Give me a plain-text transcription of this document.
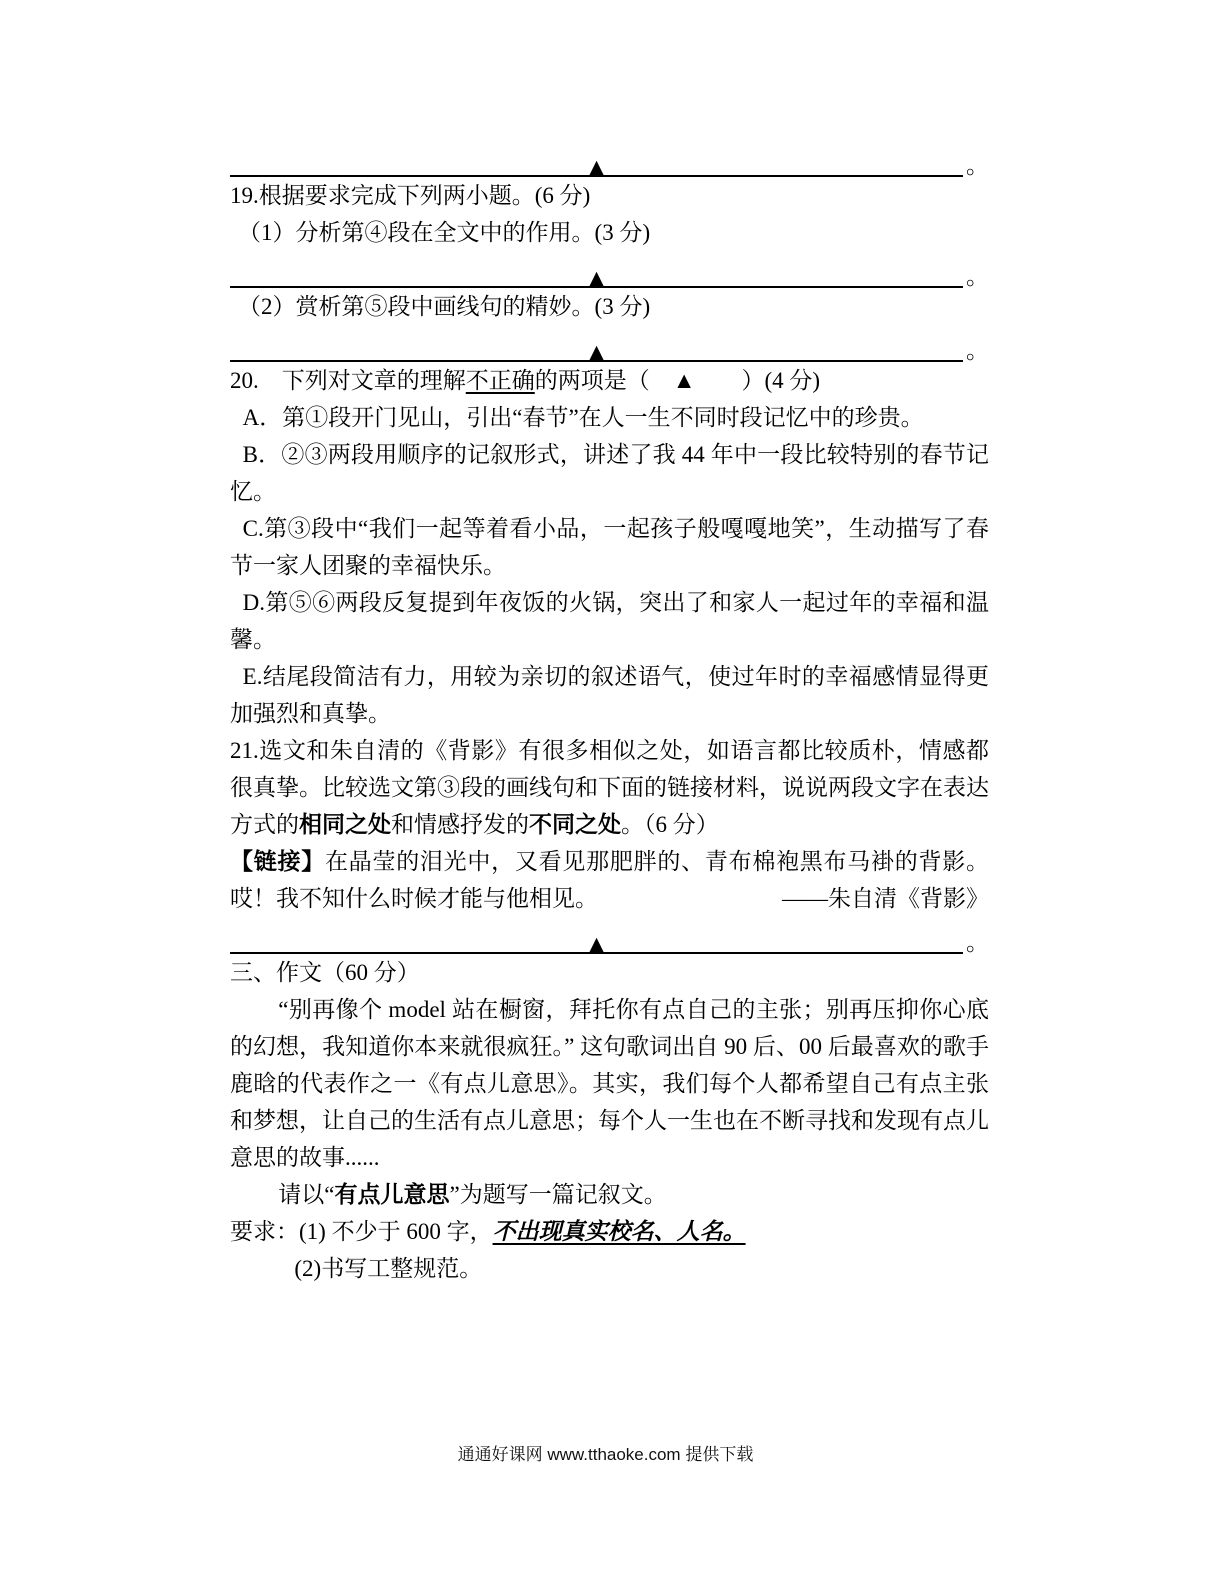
▲	。

19.根据要求完成下列两小题。(6 分)

（1）分析第④段在全文中的作用。(3 分)

▲	。

（2）赏析第⑤段中画线句的精妙。(3 分)

▲	。

20.　下列对文章的理解不正确的两项是（　▲　　）(4 分)

A．第①段开门见山，引出“春节”在人一生不同时段记忆中的珍贵。

B．②③两段用顺序的记叙形式，讲述了我 44 年中一段比较特别的春节记忆。

C.第③段中“我们一起等着看小品，一起孩子般嘎嘎地笑”，生动描写了春节一家人团聚的幸福快乐。

D.第⑤⑥两段反复提到年夜饭的火锅，突出了和家人一起过年的幸福和温馨。

E.结尾段简洁有力，用较为亲切的叙述语气，使过年时的幸福感情显得更加强烈和真挚。

21.选文和朱自清的《背影》有很多相似之处，如语言都比较质朴，情感都很真挚。比较选文第③段的画线句和下面的链接材料，说说两段文字在表达方式的相同之处和情感抒发的不同之处。（6 分）

【链接】在晶莹的泪光中，又看见那肥胖的、青布棉袍黑布马褂的背影。哎！我不知什么时候才能与他相见。	——朱自清《背影》

▲	。

三、作文（60 分）

“别再像个 model 站在橱窗，拜托你有点自己的主张；别再压抑你心底的幻想，我知道你本来就很疯狂。” 这句歌词出自 90 后、00 后最喜欢的歌手鹿晗的代表作之一《有点儿意思》。其实，我们每个人都希望自己有点主张和梦想，让自己的生活有点儿意思；每个人一生也在不断寻找和发现有点儿意思的故事......

请以“有点儿意思”为题写一篇记叙文。

要求：(1) 不少于 600 字，不出现真实校名、人名。

(2)书写工整规范。

通通好课网 www.tthaoke.com 提供下载
